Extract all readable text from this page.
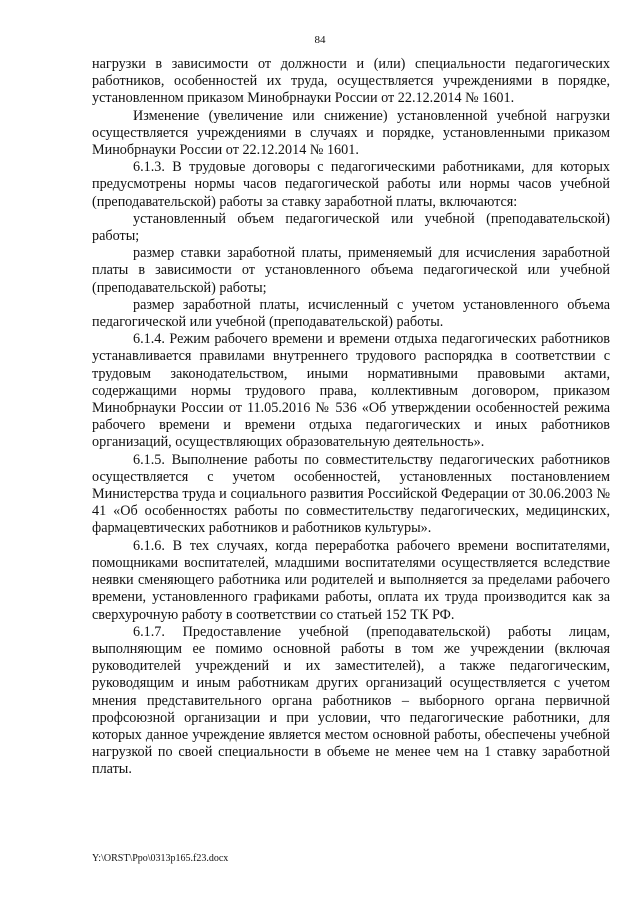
84

нагрузки в зависимости от должности и (или) специальности педагогических работников, особенностей их труда, осуществляется учреждениями в порядке, установленном приказом Минобрнауки России от 22.12.2014 № 1601.

Изменение (увеличение или снижение) установленной учебной нагрузки осуществляется учреждениями в случаях и порядке, установленными приказом Минобрнауки России от 22.12.2014 № 1601.

6.1.3. В трудовые договоры с педагогическими работниками, для которых предусмотрены нормы часов педагогической работы или нормы часов учебной (преподавательской) работы за ставку заработной платы, включаются:

установленный объем педагогической или учебной (преподавательской) работы;

размер ставки заработной платы, применяемый для исчисления заработной платы в зависимости от установленного объема педагогической или учебной (преподавательской) работы;

размер заработной платы, исчисленный с учетом установленного объема педагогической или учебной (преподавательской) работы.

6.1.4. Режим рабочего времени и времени отдыха педагогических работников устанавливается правилами внутреннего трудового распорядка в соответствии с трудовым законодательством, иными нормативными правовыми актами, содержащими нормы трудового права, коллективным договором, приказом Минобрнауки России от 11.05.2016 № 536 «Об утверждении особенностей режима рабочего времени и времени отдыха педагогических и иных работников организаций, осуществляющих образовательную деятельность».

6.1.5. Выполнение работы по совместительству педагогических работников осуществляется с учетом особенностей, установленных постановлением Министерства труда и социального развития Российской Федерации от 30.06.2003 № 41 «Об особенностях работы по совместительству педагогических, медицинских, фармацевтических работников и работников культуры».

6.1.6. В тех случаях, когда переработка рабочего времени воспитателями, помощниками воспитателей, младшими воспитателями осуществляется вследствие неявки сменяющего работника или родителей и выполняется за пределами рабочего времени, установленного графиками работы, оплата их труда производится как за сверхурочную работу в соответствии со статьей 152 ТК РФ.

6.1.7. Предоставление учебной (преподавательской) работы лицам, выполняющим ее помимо основной работы в том же учреждении (включая руководителей учреждений и их заместителей), а также педагогическим, руководящим и иным работникам других организаций осуществляется с учетом мнения представительного органа работников – выборного органа первичной профсоюзной организации и при условии, что педагогические работники, для которых данное учреждение является местом основной работы, обеспечены учебной нагрузкой по своей специальности в объеме не менее чем на 1 ставку заработной платы.

Y:\ORST\Ppo\0313p165.f23.docx
